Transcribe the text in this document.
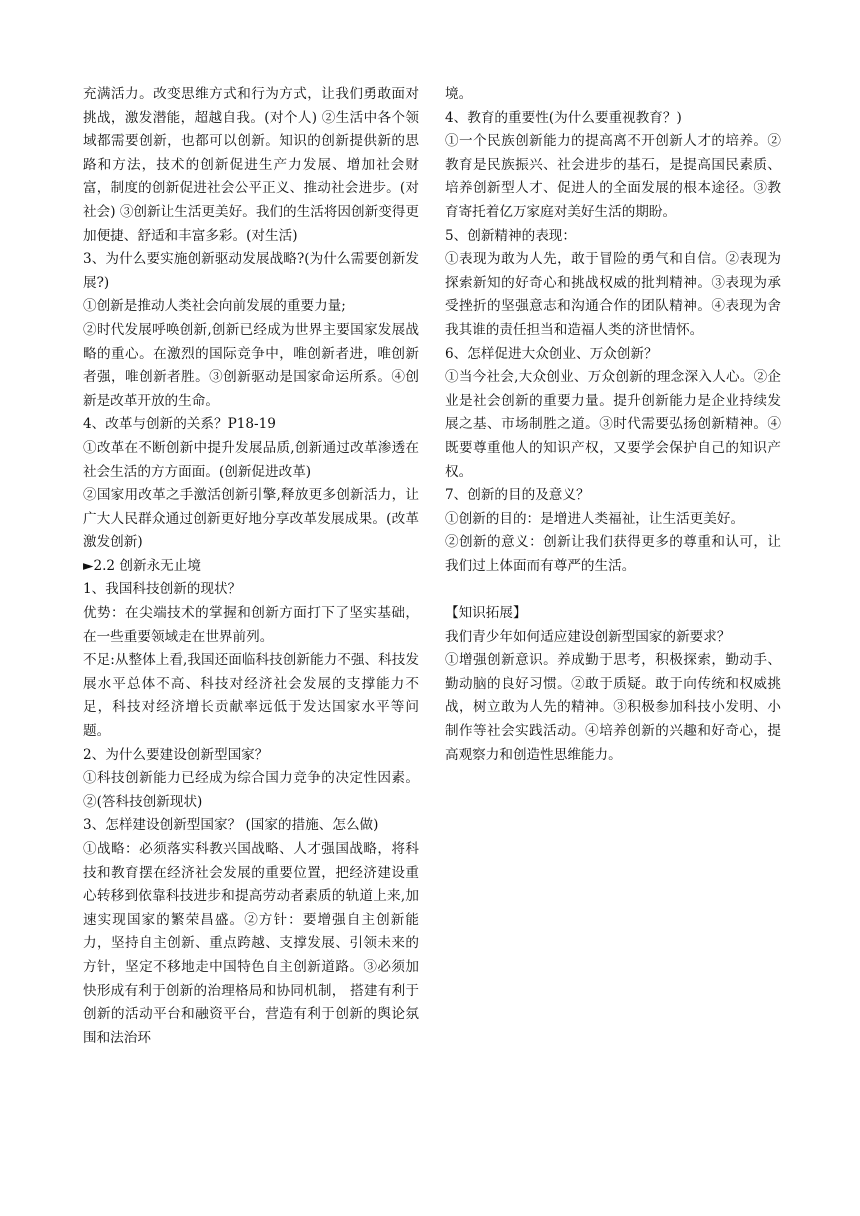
充满活力。改变思维方式和行为方式，让我们勇敢面对挑战，激发潜能，超越自我。(对个人) ②生活中各个领域都需要创新，也都可以创新。知识的创新提供新的思路和方法，技术的创新促进生产力发展、增加社会财富，制度的创新促进社会公平正义、推动社会进步。(对社会) ③创新让生活更美好。我们的生活将因创新变得更加便捷、舒适和丰富多彩。(对生活)

3、为什么要实施创新驱动发展战略?(为什么需要创新发展?)

①创新是推动人类社会向前发展的重要力量;

②时代发展呼唤创新,创新已经成为世界主要国家发展战略的重心。在激烈的国际竞争中，唯创新者进，唯创新者强，唯创新者胜。③创新驱动是国家命运所系。④创新是改革开放的生命。

4、改革与创新的关系？P18-19

①改革在不断创新中提升发展品质,创新通过改革渗透在社会生活的方方面面。(创新促进改革)

②国家用改革之手激活创新引擎,释放更多创新活力，让广大人民群众通过创新更好地分享改革发展成果。(改革激发创新)

►2.2 创新永无止境

1、我国科技创新的现状？

优势：在尖端技术的掌握和创新方面打下了坚实基础，在一些重要领域走在世界前列。

不足:从整体上看,我国还面临科技创新能力不强、科技发展水平总体不高、科技对经济社会发展的支撑能力不足，科技对经济增长贡献率远低于发达国家水平等问题。

2、为什么要建设创新型国家？

①科技创新能力已经成为综合国力竞争的决定性因素。②(答科技创新现状)

3、怎样建设创新型国家？ (国家的措施、怎么做)

①战略：必须落实科教兴国战略、人才强国战略，将科技和教育摆在经济社会发展的重要位置，把经济建设重心转移到依靠科技进步和提高劳动者素质的轨道上来,加速实现国家的繁荣昌盛。②方针：要增强自主创新能力，坚持自主创新、重点跨越、支撑发展、引领未来的方针，坚定不移地走中国特色自主创新道路。③必须加快形成有利于创新的治理格局和协同机制， 搭建有利于创新的活动平台和融资平台，营造有利于创新的舆论氛围和法治环

境。

4、教育的重要性(为什么要重视教育？)

①一个民族创新能力的提高离不开创新人才的培养。②教育是民族振兴、社会进步的基石，是提高国民素质、培养创新型人才、促进人的全面发展的根本途径。③教育寄托着亿万家庭对美好生活的期盼。

5、创新精神的表现：

①表现为敢为人先，敢于冒险的勇气和自信。②表现为探索新知的好奇心和挑战权威的批判精神。③表现为承受挫折的坚强意志和沟通合作的团队精神。④表现为舍我其谁的责任担当和造福人类的济世情怀。

6、怎样促进大众创业、万众创新？

①当今社会,大众创业、万众创新的理念深入人心。②企业是社会创新的重要力量。提升创新能力是企业持续发展之基、市场制胜之道。③时代需要弘扬创新精神。④既要尊重他人的知识产权，又要学会保护自己的知识产权。

7、创新的目的及意义？

①创新的目的：是增进人类福祉，让生活更美好。

②创新的意义：创新让我们获得更多的尊重和认可，让我们过上体面而有尊严的生活。

【知识拓展】

我们青少年如何适应建设创新型国家的新要求？

①增强创新意识。养成勤于思考，积极探索，勤动手、勤动脑的良好习惯。②敢于质疑。敢于向传统和权威挑战，树立敢为人先的精神。③积极参加科技小发明、小制作等社会实践活动。④培养创新的兴趣和好奇心，提高观察力和创造性思维能力。
